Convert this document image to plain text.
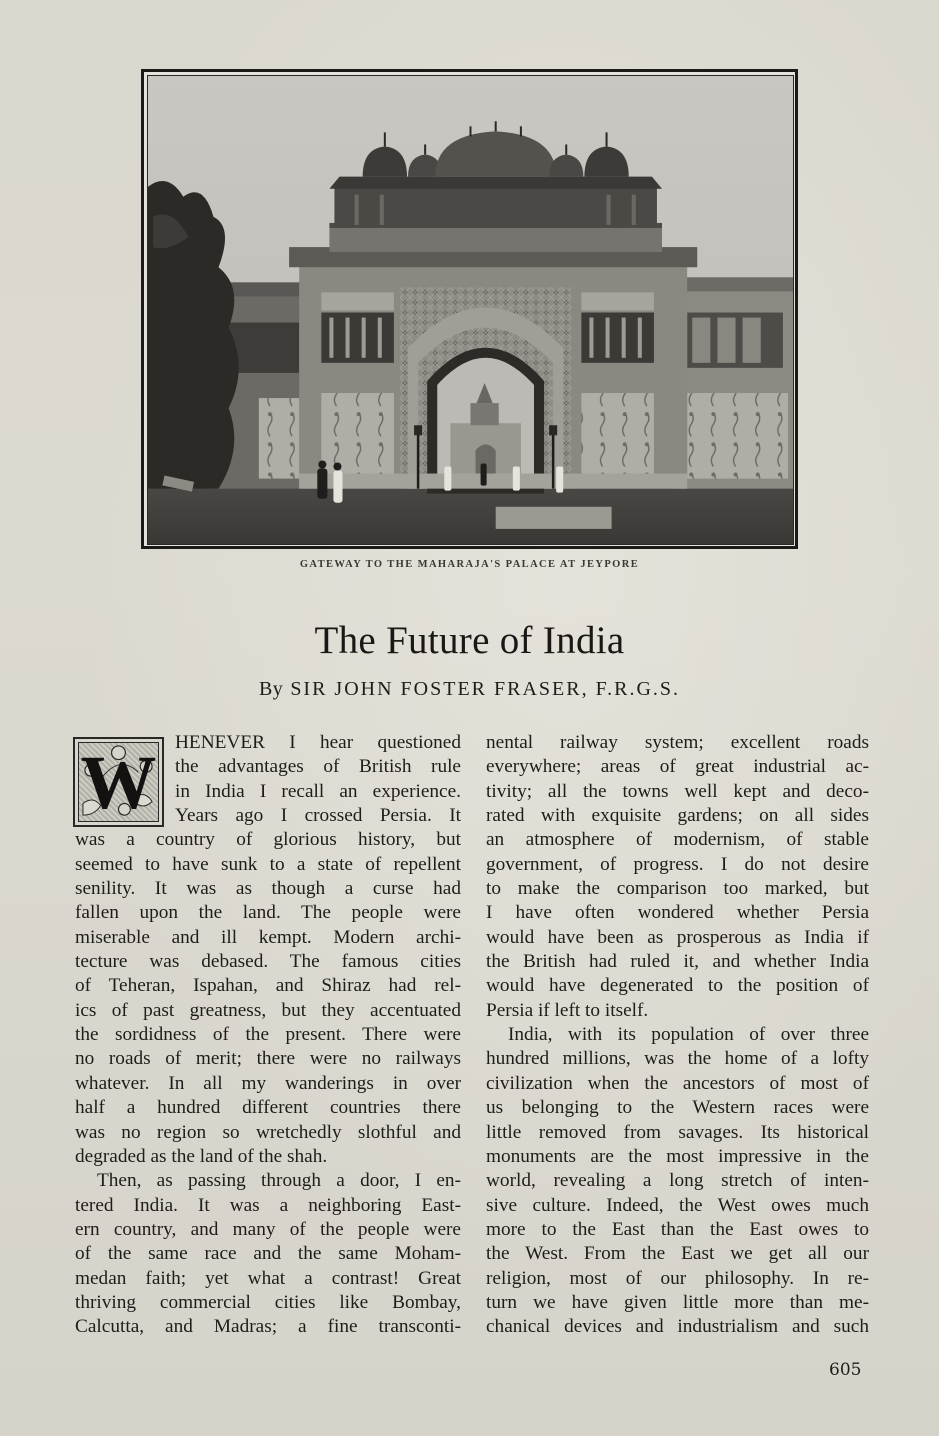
GATEWAY TO THE MAHARAJA'S PALACE AT JEYPORE
The Future of India
By SIR JOHN FOSTER FRASER, F.R.G.S.
W HENEVER I hear questioned
the advantages of British rule
in India I recall an experience.
Years ago I crossed Persia. It
was a country of glorious history, but
seemed to have sunk to a state of repellent
senility. It was as though a curse had
fallen upon the land. The people were
miserable and ill kempt. Modern archi-
tecture was debased. The famous cities
of Teheran, Ispahan, and Shiraz had rel-
ics of past greatness, but they accentuated
the sordidness of the present. There were
no roads of merit; there were no railways
whatever. In all my wanderings in over
half a hundred different countries there
was no region so wretchedly slothful and
degraded as the land of the shah.
Then, as passing through a door, I en-
tered India. It was a neighboring East-
ern country, and many of the people were
of the same race and the same Moham-
medan faith; yet what a contrast! Great
thriving commercial cities like Bombay,
Calcutta, and Madras; a fine transconti-
nental railway system; excellent roads
everywhere; areas of great industrial ac-
tivity; all the towns well kept and deco-
rated with exquisite gardens; on all sides
an atmosphere of modernism, of stable
government, of progress. I do not desire
to make the comparison too marked, but
I have often wondered whether Persia
would have been as prosperous as India if
the British had ruled it, and whether India
would have degenerated to the position of
Persia if left to itself.
India, with its population of over three
hundred millions, was the home of a lofty
civilization when the ancestors of most of
us belonging to the Western races were
little removed from savages. Its historical
monuments are the most impressive in the
world, revealing a long stretch of inten-
sive culture. Indeed, the West owes much
more to the East than the East owes to
the West. From the East we get all our
religion, most of our philosophy. In re-
turn we have given little more than me-
chanical devices and industrialism and such
605
